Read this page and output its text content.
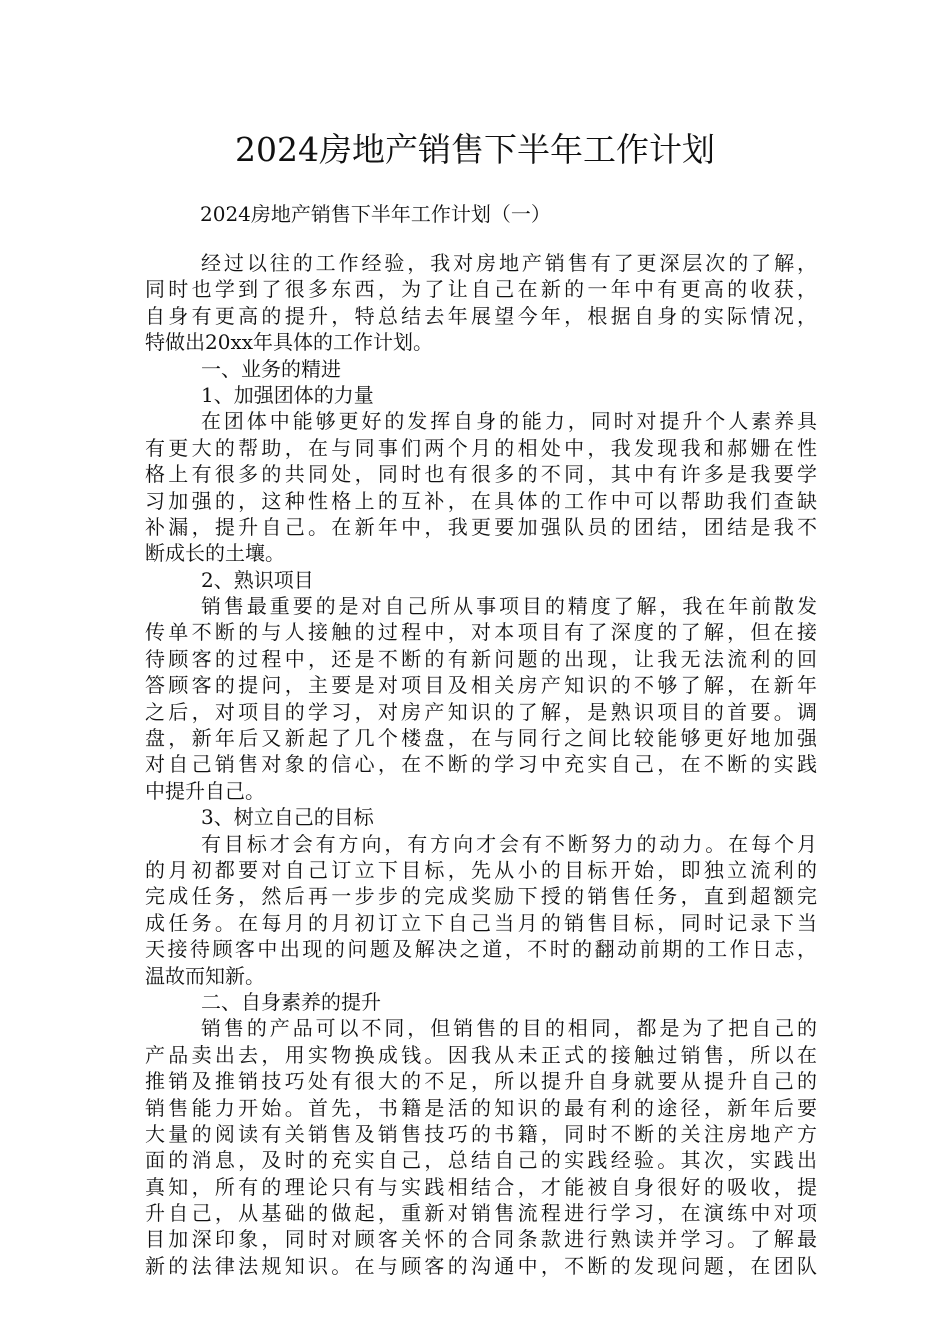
2024房地产销售下半年工作计划

2024房地产销售下半年工作计划（一）

经过以往的工作经验，我对房地产销售有了更深层次的了解，
同时也学到了很多东西，为了让自己在新的一年中有更高的收获，
自身有更高的提升，特总结去年展望今年，根据自身的实际情况，
特做出20xx年具体的工作计划。
一、业务的精进
1、加强团体的力量
在团体中能够更好的发挥自身的能力，同时对提升个人素养具
有更大的帮助，在与同事们两个月的相处中，我发现我和郝姗在性
格上有很多的共同处，同时也有很多的不同，其中有许多是我要学
习加强的，这种性格上的互补，在具体的工作中可以帮助我们查缺
补漏，提升自己。在新年中，我更要加强队员的团结，团结是我不
断成长的土壤。
2、熟识项目
销售最重要的是对自己所从事项目的精度了解，我在年前散发
传单不断的与人接触的过程中，对本项目有了深度的了解，但在接
待顾客的过程中，还是不断的有新问题的出现，让我无法流利的回
答顾客的提问，主要是对项目及相关房产知识的不够了解，在新年
之后，对项目的学习，对房产知识的了解，是熟识项目的首要。调
盘，新年后又新起了几个楼盘，在与同行之间比较能够更好地加强
对自己销售对象的信心，在不断的学习中充实自己，在不断的实践
中提升自己。
3、树立自己的目标
有目标才会有方向，有方向才会有不断努力的动力。在每个月
的月初都要对自己订立下目标，先从小的目标开始，即独立流利的
完成任务，然后再一步步的完成奖励下授的销售任务，直到超额完
成任务。在每月的月初订立下自己当月的销售目标，同时记录下当
天接待顾客中出现的问题及解决之道，不时的翻动前期的工作日志，
温故而知新。
二、自身素养的提升
销售的产品可以不同，但销售的目的相同，都是为了把自己的
产品卖出去，用实物换成钱。因我从未正式的接触过销售，所以在
推销及推销技巧处有很大的不足，所以提升自身就要从提升自己的
销售能力开始。首先，书籍是活的知识的最有利的途径，新年后要
大量的阅读有关销售及销售技巧的书籍，同时不断的关注房地产方
面的消息，及时的充实自己，总结自己的实践经验。其次，实践出
真知，所有的理论只有与实践相结合，才能被自身很好的吸收，提
升自己，从基础的做起，重新对销售流程进行学习，在演练中对项
目加深印象，同时对顾客关怀的合同条款进行熟读并学习。了解最
新的法律法规知识。在与顾客的沟通中，不断的发现问题，在团队
